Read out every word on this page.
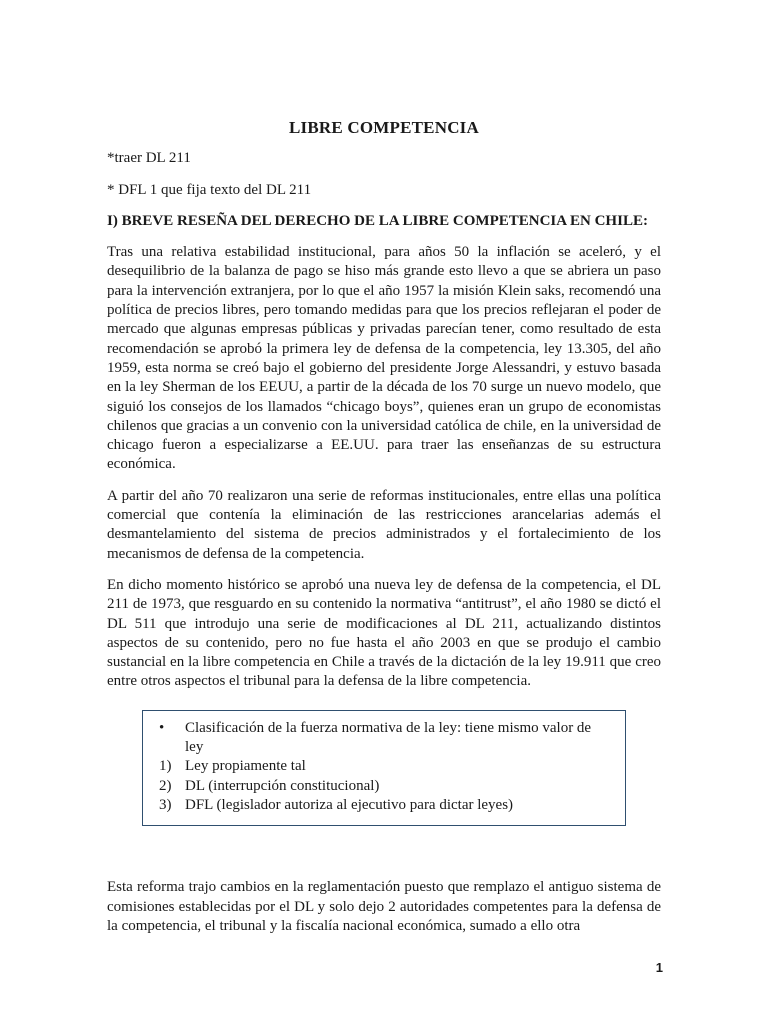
LIBRE COMPETENCIA
*traer DL 211
* DFL 1 que fija texto del DL 211
I) BREVE RESEÑA DEL DERECHO DE LA LIBRE COMPETENCIA EN CHILE:
Tras una relativa estabilidad institucional, para años 50 la inflación se aceleró, y el desequilibrio de la balanza de pago se hiso más grande esto llevo a que se abriera un paso para la intervención extranjera, por lo que el año 1957 la misión Klein saks, recomendó una política de precios libres, pero tomando medidas para que los precios reflejaran el poder de mercado que algunas empresas públicas y privadas parecían tener, como resultado de esta recomendación se aprobó la primera ley de defensa de la competencia, ley 13.305, del año 1959, esta norma se creó bajo el gobierno del presidente Jorge Alessandri, y estuvo basada en la ley Sherman de los EEUU, a partir de la década de los 70 surge un nuevo modelo, que siguió los consejos de los llamados “chicago boys”, quienes eran un grupo de economistas chilenos que gracias a un convenio con la universidad católica de chile, en la universidad de chicago fueron a especializarse a EE.UU. para traer las enseñanzas de su estructura económica.
A partir del año 70 realizaron una serie de reformas institucionales, entre ellas una política comercial que contenía la eliminación de las restricciones arancelarias además el desmantelamiento del sistema de precios administrados y el fortalecimiento de los mecanismos de defensa de la competencia.
En dicho momento histórico se aprobó una nueva ley de defensa de la competencia, el DL 211 de 1973, que resguardo en su contenido la normativa “antitrust”, el año 1980 se dictó el DL 511 que introdujo una serie de modificaciones al DL 211, actualizando distintos aspectos de su contenido, pero no fue hasta el año 2003 en que se produjo el cambio sustancial en la libre competencia en Chile a través de la dictación de la ley 19.911 que creo entre otros aspectos el tribunal para la defensa de la libre competencia.
•	Clasificación de la fuerza normativa de la ley: tiene mismo valor de ley
1) Ley propiamente tal
2) DL (interrupción constitucional)
3) DFL (legislador autoriza al ejecutivo para dictar leyes)
Esta reforma trajo cambios en la reglamentación puesto que remplazo el antiguo sistema de comisiones establecidas por el DL y solo dejo 2 autoridades competentes para la defensa de la competencia, el tribunal y la fiscalía nacional económica, sumado a ello otra
1
